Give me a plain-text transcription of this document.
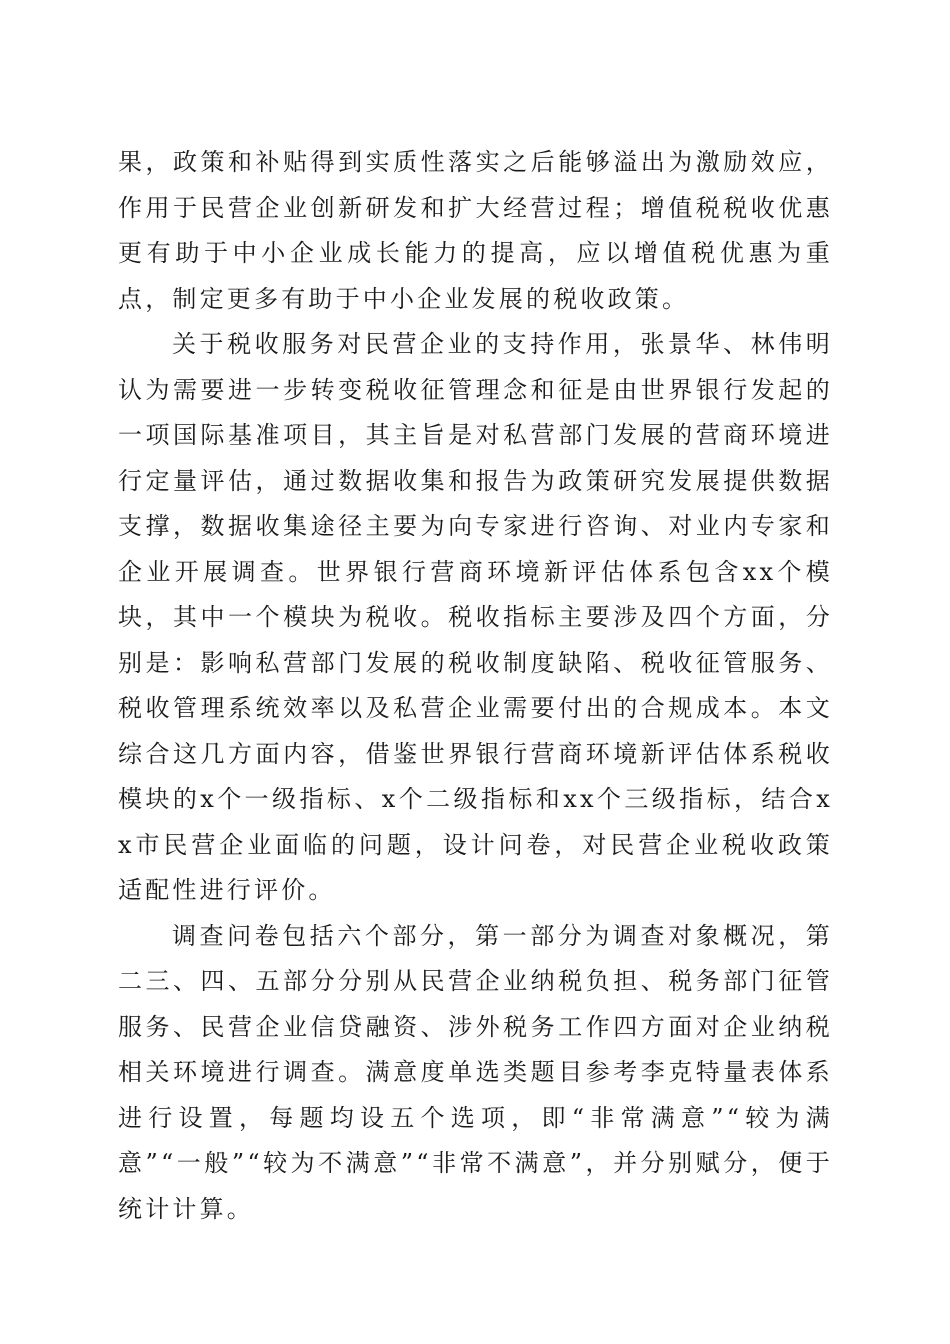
果，政策和补贴得到实质性落实之后能够溢出为激励效应，作用于民营企业创新研发和扩大经营过程；增值税税收优惠更有助于中小企业成长能力的提高，应以增值税优惠为重点，制定更多有助于中小企业发展的税收政策。

关于税收服务对民营企业的支持作用，张景华、林伟明认为需要进一步转变税收征管理念和征是由世界银行发起的一项国际基准项目，其主旨是对私营部门发展的营商环境进行定量评估，通过数据收集和报告为政策研究发展提供数据支撑，数据收集途径主要为向专家进行咨询、对业内专家和企业开展调查。世界银行营商环境新评估体系包含xx个模块，其中一个模块为税收。税收指标主要涉及四个方面，分别是：影响私营部门发展的税收制度缺陷、税收征管服务、税收管理系统效率以及私营企业需要付出的合规成本。本文综合这几方面内容，借鉴世界银行营商环境新评估体系税收模块的x个一级指标、x个二级指标和xx个三级指标，结合xx市民营企业面临的问题，设计问卷，对民营企业税收政策适配性进行评价。

调查问卷包括六个部分，第一部分为调查对象概况，第二三、四、五部分分别从民营企业纳税负担、税务部门征管服务、民营企业信贷融资、涉外税务工作四方面对企业纳税相关环境进行调查。满意度单选类题目参考李克特量表体系进行设置，每题均设五个选项，即“非常满意”“较为满意”“一般”“较为不满意”“非常不满意”，并分别赋分，便于统计计算。
